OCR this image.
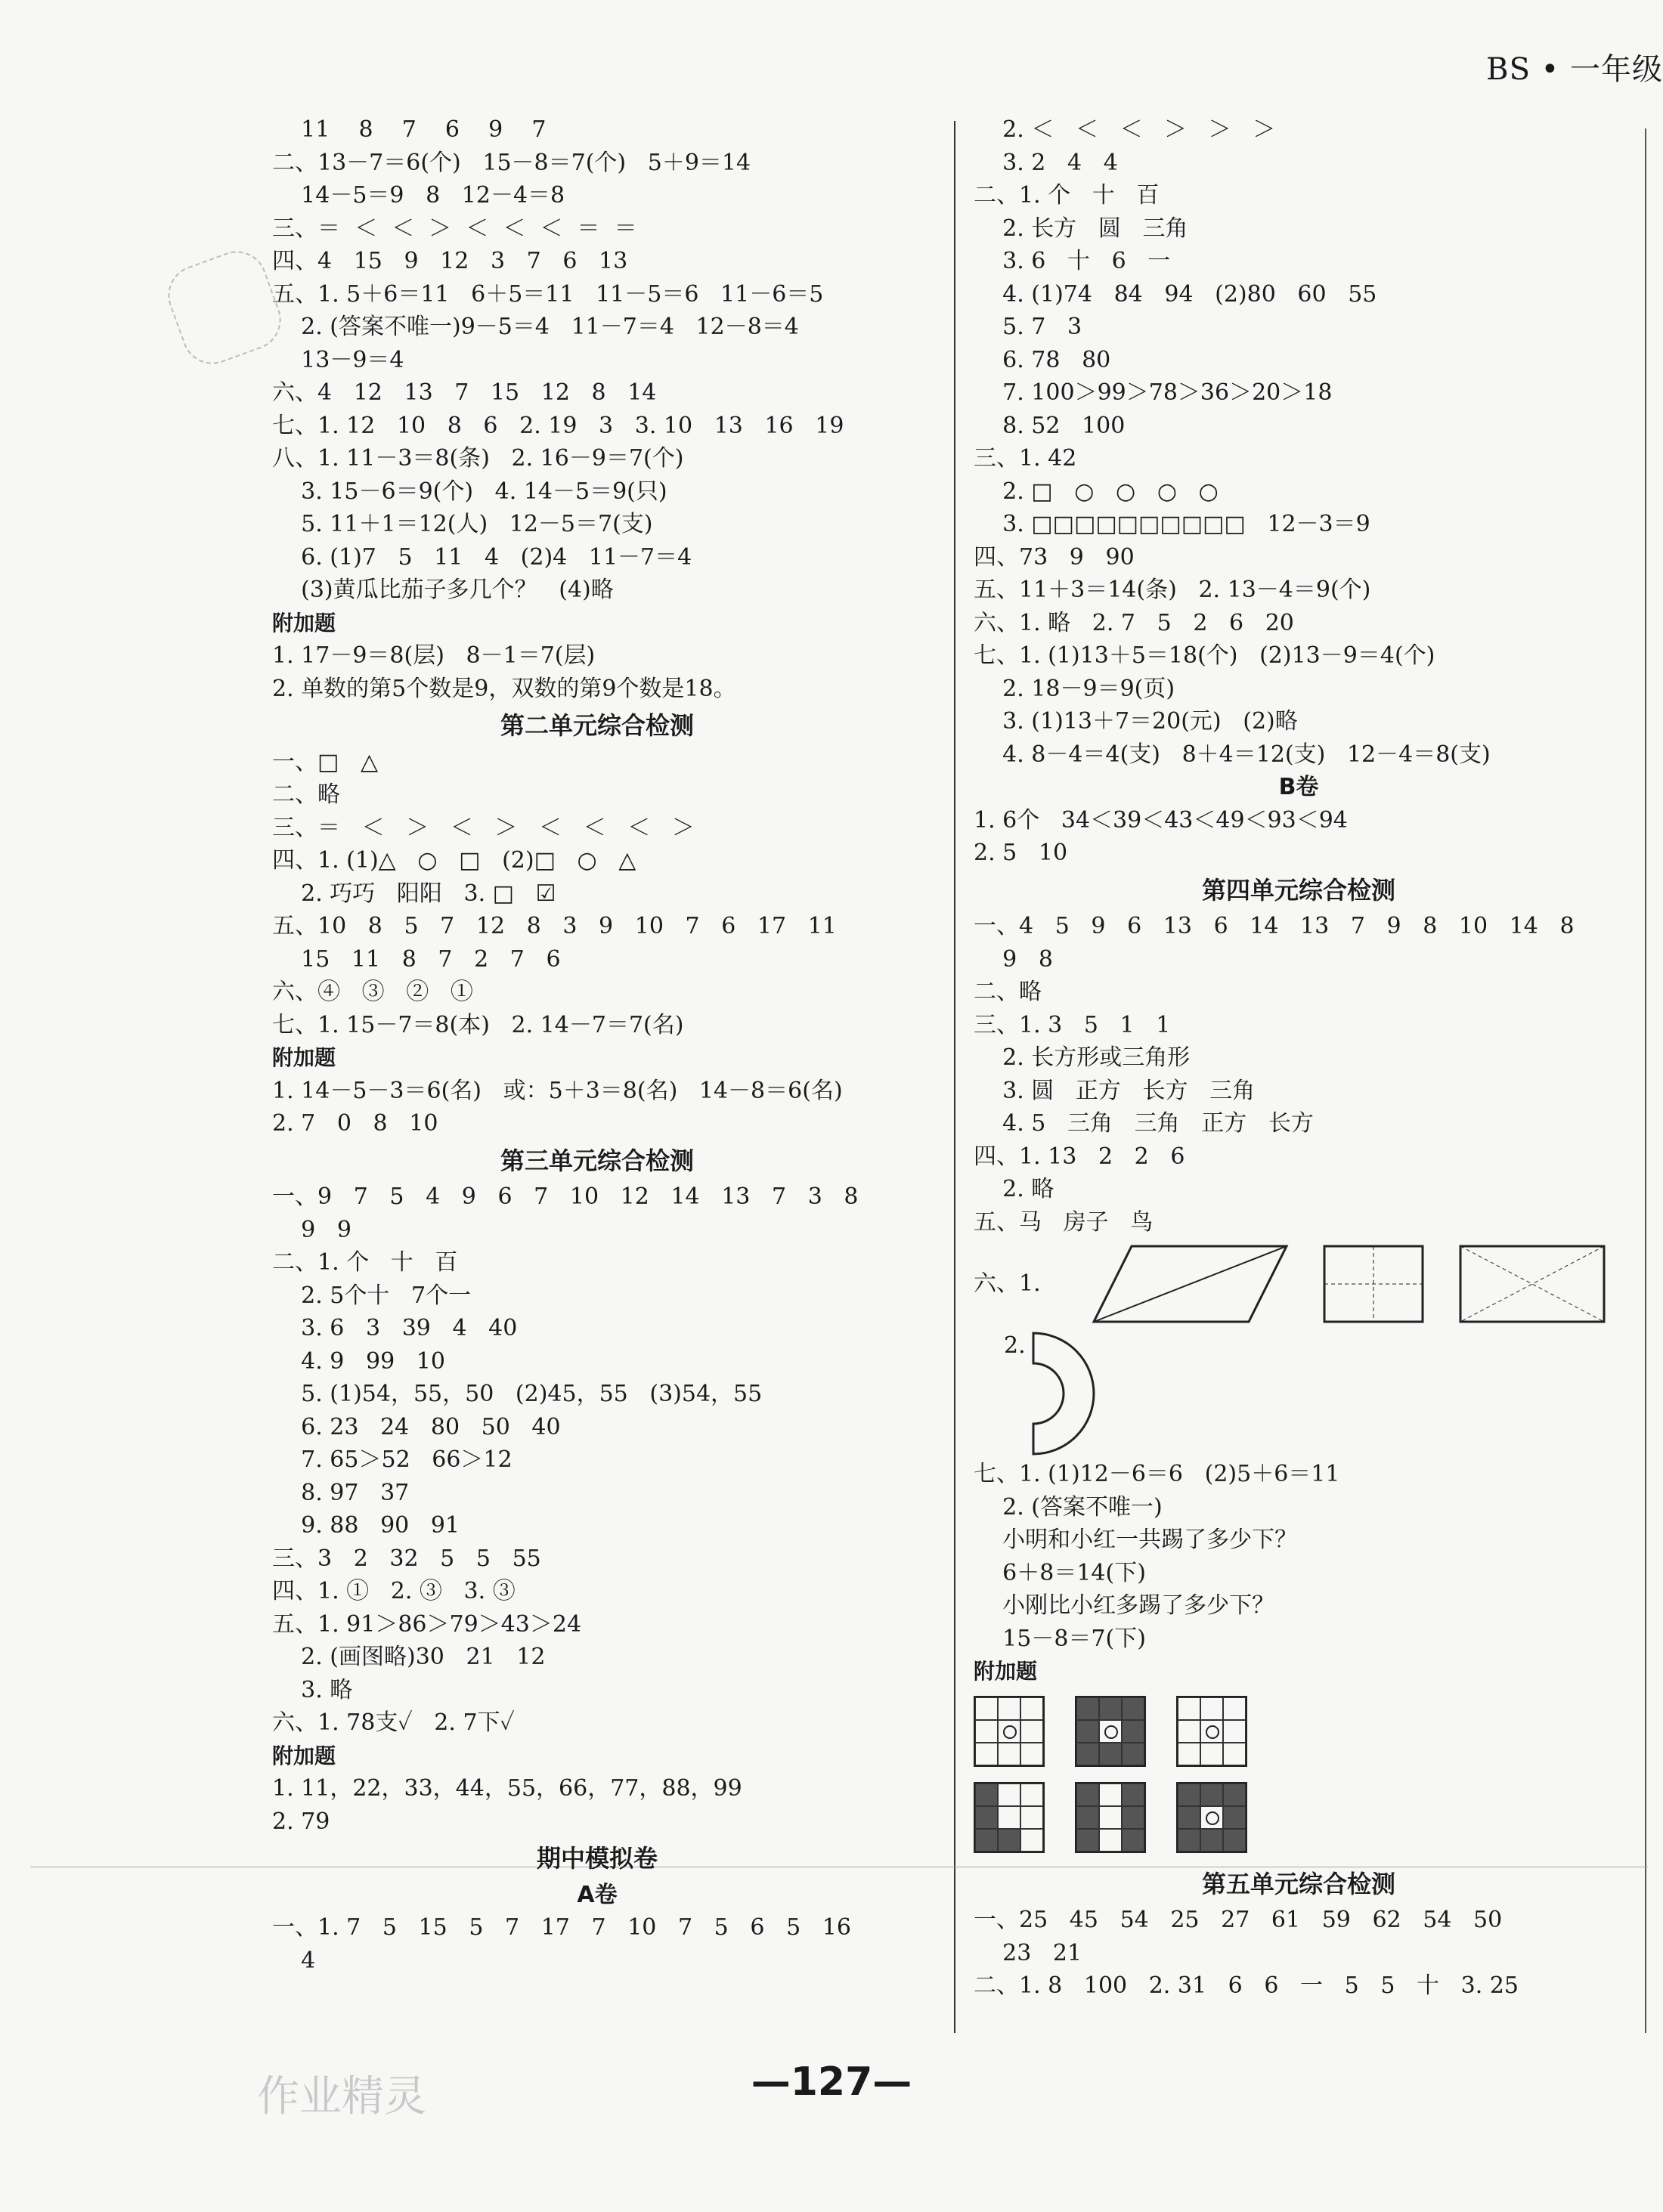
BS • 一年级
11    8    7    6    9    7
二、13－7＝6(个)   15－8＝7(个)   5＋9＝14
14－5＝9   8   12－4＝8
三、＝  ＜  ＜  ＞  ＜  ＜  ＜  ＝  ＝
四、4   15   9   12   3   7   6   13
五、1. 5＋6＝11   6＋5＝11   11－5＝6   11－6＝5
2. (答案不唯一)9－5＝4   11－7＝4   12－8＝4
13－9＝4
六、4   12   13   7   15   12   8   14
七、1. 12   10   8   6   2. 19   3   3. 10   13   16   19
八、1. 11－3＝8(条)   2. 16－9＝7(个)
3. 15－6＝9(个)   4. 14－5＝9(只)
5. 11＋1＝12(人)   12－5＝7(支)
6. (1)7   5   11   4   (2)4   11－7＝4
(3)黄瓜比茄子多几个？   (4)略
附加题
1. 17－9＝8(层)   8－1＝7(层)
2. 单数的第5个数是9，双数的第9个数是18。
第二单元综合检测
一、□   △
二、略
三、＝   ＜   ＞   ＜   ＞   ＜   ＜   ＜   ＞
四、1. (1)△   ○   □   (2)□   ○   △
2. 巧巧   阳阳   3. □   ☑
五、10   8   5   7   12   8   3   9   10   7   6   17   11
15   11   8   7   2   7   6
六、④   ③   ②   ①
七、1. 15－7＝8(本)   2. 14－7＝7(名)
附加题
1. 14－5－3＝6(名)   或：5＋3＝8(名)   14－8＝6(名)
2. 7   0   8   10
第三单元综合检测
一、9   7   5   4   9   6   7   10   12   14   13   7   3   8
9   9
二、1. 个   十   百
2. 5个十   7个一
3. 6   3   39   4   40
4. 9   99   10
5. (1)54，55，50   (2)45，55   (3)54，55
6. 23   24   80   50   40
7. 65＞52   66＞12
8. 97   37
9. 88   90   91
三、3   2   32   5   5   55
四、1. ①   2. ③   3. ③
五、1. 91＞86＞79＞43＞24
2. (画图略)30   21   12
3. 略
六、1. 78支✓   2. 7下✓
附加题
1. 11，22，33，44，55，66，77，88，99
2. 79
期中模拟卷
A卷
一、1. 7   5   15   5   7   17   7   10   7   5   6   5   16
4
2. ＜   ＜   ＜   ＞   ＞   ＞
3. 2   4   4
二、1. 个   十   百
2. 长方   圆   三角
3. 6   十   6   一
4. (1)74   84   94   (2)80   60   55
5. 7   3
6. 78   80
7. 100＞99＞78＞36＞20＞18
8. 52   100
三、1. 42
2. □   ○   ○   ○   ○
3. □□□□□□□□□□   12－3＝9
四、73   9   90
五、11＋3＝14(条)   2. 13－4＝9(个)
六、1. 略   2. 7   5   2   6   20
七、1. (1)13＋5＝18(个)   (2)13－9＝4(个)
2. 18－9＝9(页)
3. (1)13＋7＝20(元)   (2)略
4. 8－4＝4(支)   8＋4＝12(支)   12－4＝8(支)
B卷
1. 6个   34＜39＜43＜49＜93＜94
2. 5   10
第四单元综合检测
一、4   5   9   6   13   6   14   13   7   9   8   10   14   8
9   8
二、略
三、1. 3   5   1   1
2. 长方形或三角形
3. 圆   正方   长方   三角
4. 5   三角   三角   正方   长方
四、1. 13   2   2   6
2. 略
五、马   房子   鸟
六、1.
2.
七、1. (1)12－6＝6   (2)5＋6＝11
2. (答案不唯一)
小明和小红一共踢了多少下？
6＋8＝14(下)
小刚比小红多踢了多少下？
15－8＝7(下)
附加题
第五单元综合检测
一、25   45   54   25   27   61   59   62   54   50
23   21
二、1. 8   100   2. 31   6   6   一   5   5   十   3. 25
—127—
作业精灵
